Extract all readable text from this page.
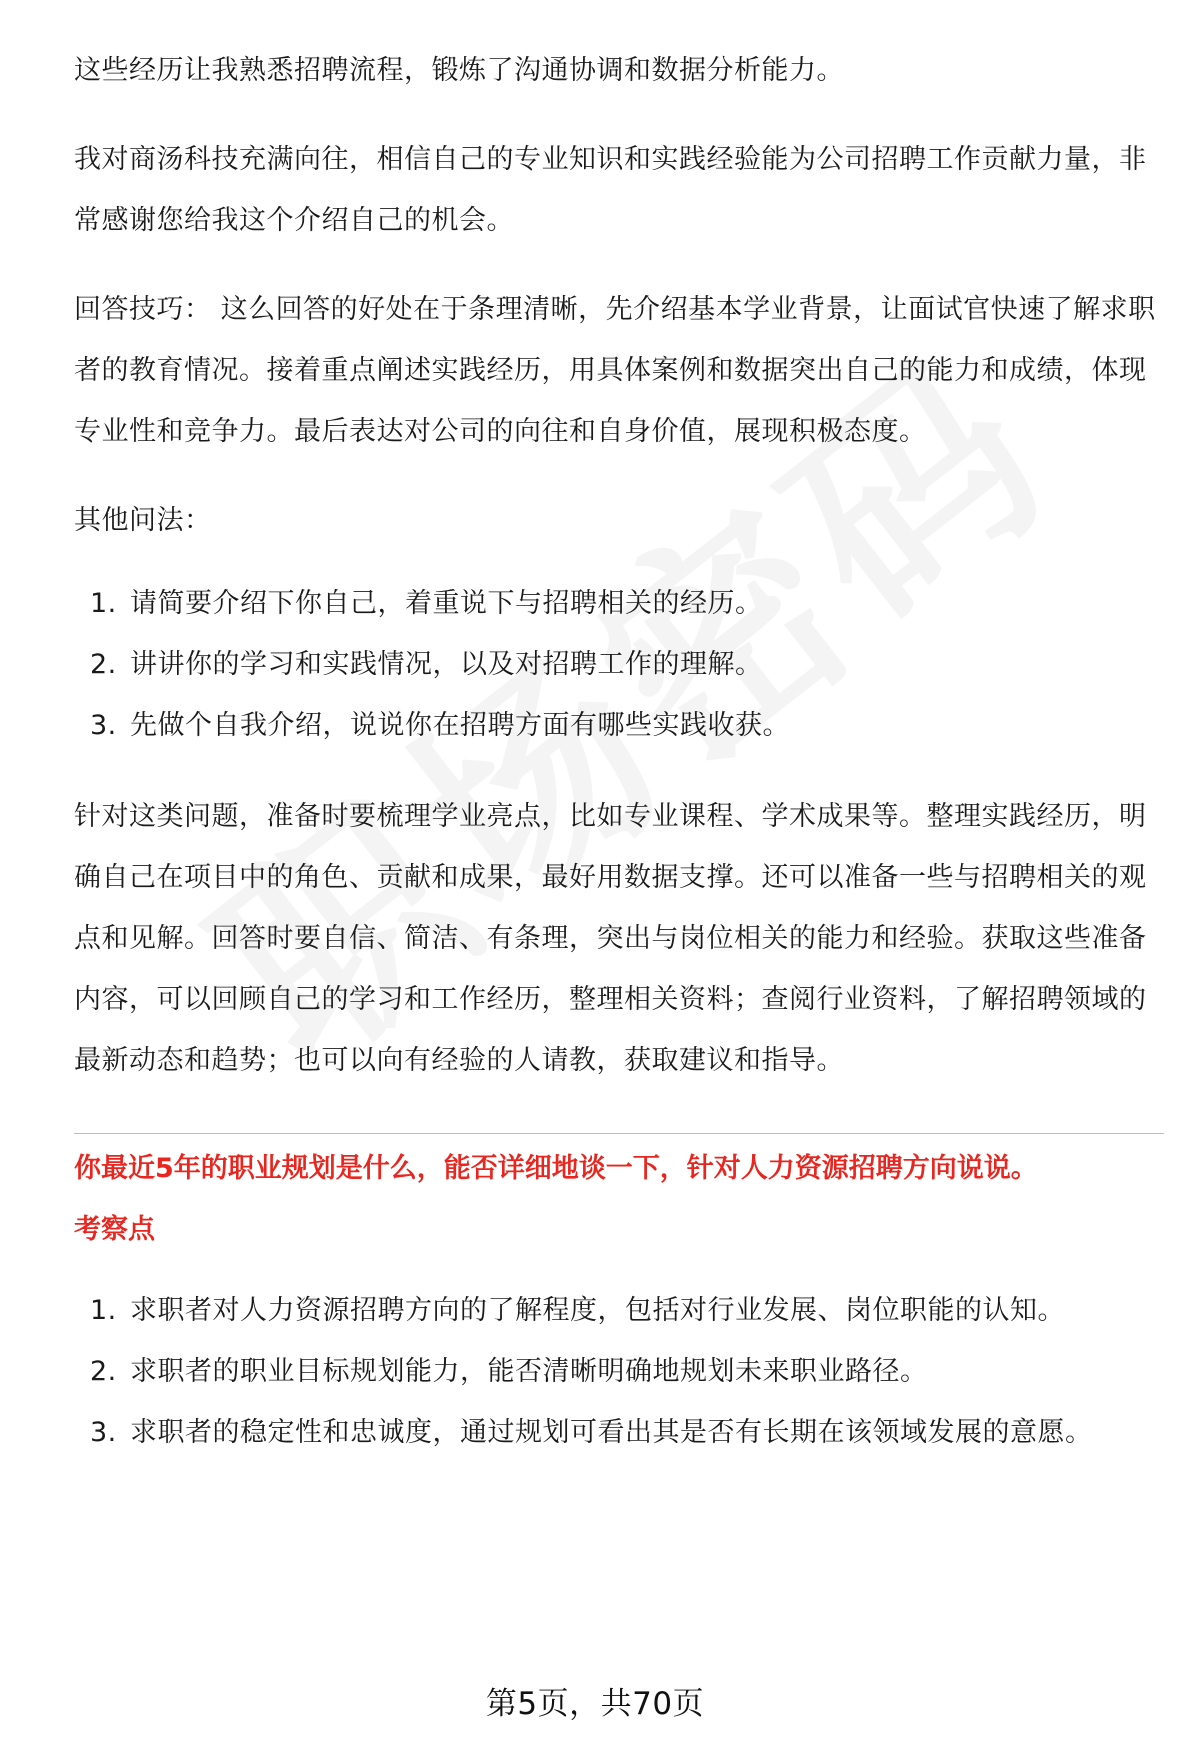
这些经历让我熟悉招聘流程，锻炼了沟通协调和数据分析能力。

我对商汤科技充满向往，相信自己的专业知识和实践经验能为公司招聘工作贡献力量，非常感谢您给我这个介绍自己的机会。

回答技巧： 这么回答的好处在于条理清晰，先介绍基本学业背景，让面试官快速了解求职者的教育情况。接着重点阐述实践经历，用具体案例和数据突出自己的能力和成绩，体现专业性和竞争力。最后表达对公司的向往和自身价值，展现积极态度。

其他问法：

1. 请简要介绍下你自己，着重说下与招聘相关的经历。
2. 讲讲你的学习和实践情况，以及对招聘工作的理解。
3. 先做个自我介绍，说说你在招聘方面有哪些实践收获。

针对这类问题，准备时要梳理学业亮点，比如专业课程、学术成果等。整理实践经历，明确自己在项目中的角色、贡献和成果，最好用数据支撑。还可以准备一些与招聘相关的观点和见解。回答时要自信、简洁、有条理，突出与岗位相关的能力和经验。获取这些准备内容，可以回顾自己的学习和工作经历，整理相关资料；查阅行业资料，了解招聘领域的最新动态和趋势；也可以向有经验的人请教，获取建议和指导。

你最近5年的职业规划是什么，能否详细地谈一下，针对人力资源招聘方向说说。
考察点
1. 求职者对人力资源招聘方向的了解程度，包括对行业发展、岗位职能的认知。
2. 求职者的职业目标规划能力，能否清晰明确地规划未来职业路径。
3. 求职者的稳定性和忠诚度，通过规划可看出其是否有长期在该领域发展的意愿。
第5页，共70页
